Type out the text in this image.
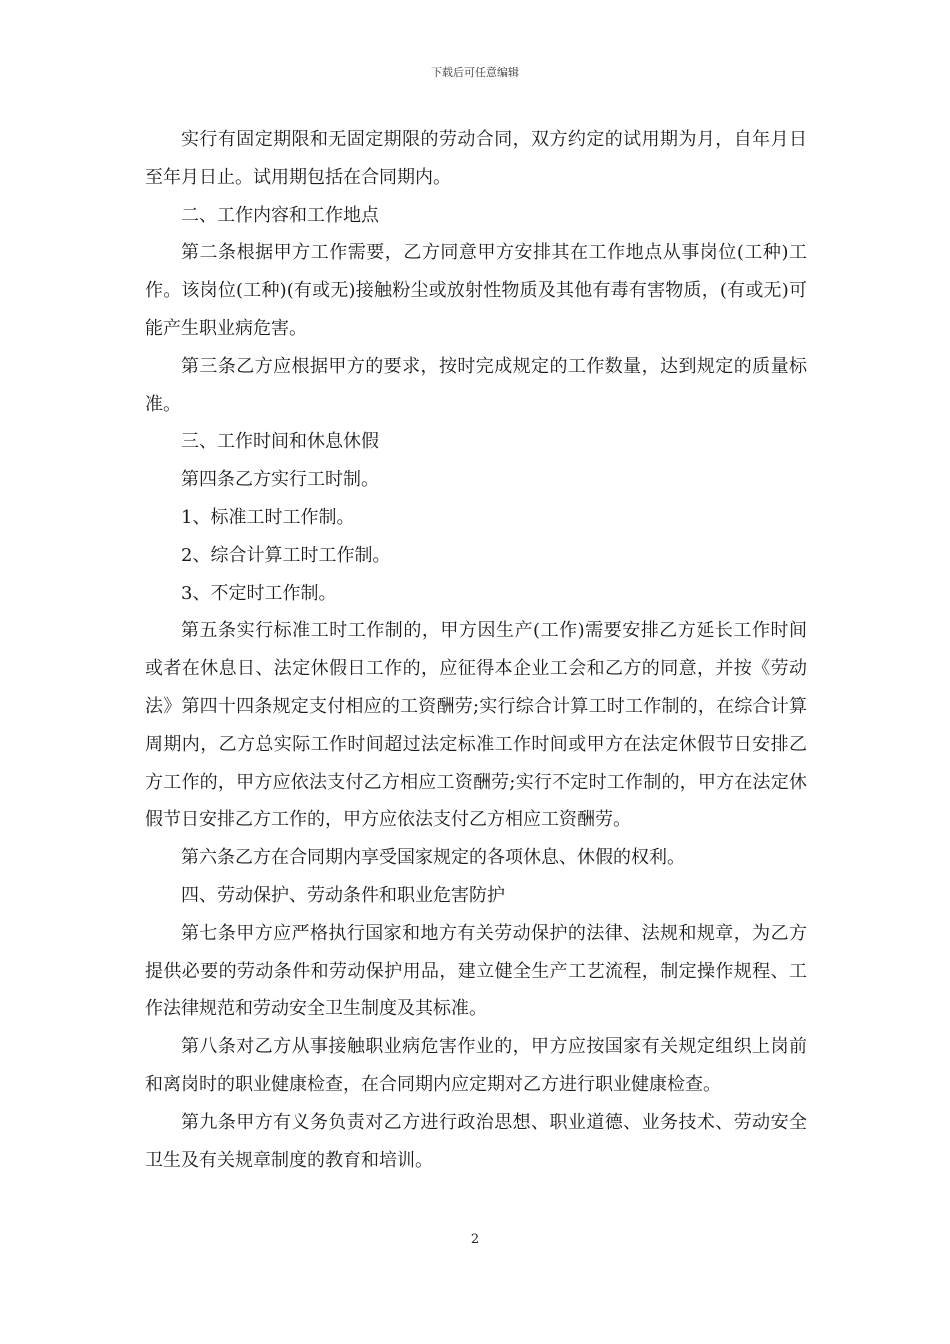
下载后可任意编辑

实行有固定期限和无固定期限的劳动合同，双方约定的试用期为月，自年月日至年月日止。试用期包括在合同期内。

二、工作内容和工作地点

第二条根据甲方工作需要，乙方同意甲方安排其在工作地点从事岗位(工种)工作。该岗位(工种)(有或无)接触粉尘或放射性物质及其他有毒有害物质，(有或无)可能产生职业病危害。

第三条乙方应根据甲方的要求，按时完成规定的工作数量，达到规定的质量标准。

三、工作时间和休息休假

第四条乙方实行工时制。

1、标准工时工作制。

2、综合计算工时工作制。

3、不定时工作制。

第五条实行标准工时工作制的，甲方因生产(工作)需要安排乙方延长工作时间或者在休息日、法定休假日工作的，应征得本企业工会和乙方的同意，并按《劳动法》第四十四条规定支付相应的工资酬劳;实行综合计算工时工作制的，在综合计算周期内，乙方总实际工作时间超过法定标准工作时间或甲方在法定休假节日安排乙方工作的，甲方应依法支付乙方相应工资酬劳;实行不定时工作制的，甲方在法定休假节日安排乙方工作的，甲方应依法支付乙方相应工资酬劳。

第六条乙方在合同期内享受国家规定的各项休息、休假的权利。

四、劳动保护、劳动条件和职业危害防护

第七条甲方应严格执行国家和地方有关劳动保护的法律、法规和规章，为乙方提供必要的劳动条件和劳动保护用品，建立健全生产工艺流程，制定操作规程、工作法律规范和劳动安全卫生制度及其标准。

第八条对乙方从事接触职业病危害作业的，甲方应按国家有关规定组织上岗前和离岗时的职业健康检查，在合同期内应定期对乙方进行职业健康检查。

第九条甲方有义务负责对乙方进行政治思想、职业道德、业务技术、劳动安全卫生及有关规章制度的教育和培训。

2
